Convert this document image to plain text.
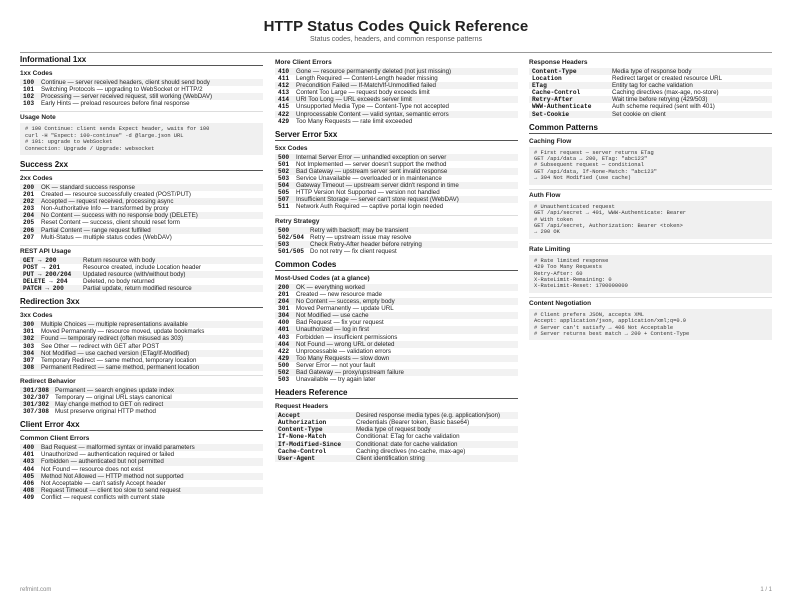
HTTP Status Codes Quick Reference
Status codes, headers, and common response patterns
Informational 1xx
1xx Codes
100	Continue — server received headers, client should send body
101	Switching Protocols — upgrading to WebSocket or HTTP/2
102	Processing — server received request, still working (WebDAV)
103	Early Hints — preload resources before final response
Usage Note
# 100 Continue: client sends Expect header, waits for 100
curl -H "Expect: 100-continue" -d @large.json URL
# 101: upgrade to WebSocket
Connection: Upgrade / Upgrade: websocket
Success 2xx
2xx Codes
200	OK — standard success response
201	Created — resource successfully created (POST/PUT)
202	Accepted — request received, processing async
203	Non-Authoritative Info — transformed by proxy
204	No Content — success with no response body (DELETE)
205	Reset Content — success, client should reset form
206	Partial Content — range request fulfilled
207	Multi-Status — multiple status codes (WebDAV)
REST API Usage
GET → 200	Return resource with body
POST → 201	Resource created, include Location header
PUT → 200/204	Updated resource (with/without body)
DELETE → 204	Deleted, no body returned
PATCH → 200	Partial update, return modified resource
Redirection 3xx
3xx Codes
300	Multiple Choices — multiple representations available
301	Moved Permanently — resource moved, update bookmarks
302	Found — temporary redirect (often misused as 303)
303	See Other — redirect with GET after POST
304	Not Modified — use cached version (ETag/If-Modified)
307	Temporary Redirect — same method, temporary location
308	Permanent Redirect — same method, permanent location
Redirect Behavior
301/308	Permanent — search engines update index
302/307	Temporary — original URL stays canonical
301/302	May change method to GET on redirect
307/308	Must preserve original HTTP method
Client Error 4xx
Common Client Errors
400	Bad Request — malformed syntax or invalid parameters
401	Unauthorized — authentication required or failed
403	Forbidden — authenticated but not permitted
404	Not Found — resource does not exist
405	Method Not Allowed — HTTP method not supported
406	Not Acceptable — can't satisfy Accept header
408	Request Timeout — client too slow to send request
409	Conflict — request conflicts with current state
More Client Errors
410	Gone — resource permanently deleted (not just missing)
411	Length Required — Content-Length header missing
412	Precondition Failed — If-Match/If-Unmodified failed
413	Content Too Large — request body exceeds limit
414	URI Too Long — URL exceeds server limit
415	Unsupported Media Type — Content-Type not accepted
422	Unprocessable Content — valid syntax, semantic errors
429	Too Many Requests — rate limit exceeded
Server Error 5xx
5xx Codes
500	Internal Server Error — unhandled exception on server
501	Not Implemented — server doesn't support the method
502	Bad Gateway — upstream server sent invalid response
503	Service Unavailable — overloaded or in maintenance
504	Gateway Timeout — upstream server didn't respond in time
505	HTTP Version Not Supported — version not handled
507	Insufficient Storage — server can't store request (WebDAV)
511	Network Auth Required — captive portal login needed
Retry Strategy
500	Retry with backoff; may be transient
502/504	Retry — upstream issue may resolve
503	Check Retry-After header before retrying
501/505	Do not retry — fix client request
Common Codes
Most-Used Codes (at a glance)
200	OK — everything worked
201	Created — new resource made
204	No Content — success, empty body
301	Moved Permanently — update URL
304	Not Modified — use cache
400	Bad Request — fix your request
401	Unauthorized — log in first
403	Forbidden — insufficient permissions
404	Not Found — wrong URL or deleted
422	Unprocessable — validation errors
429	Too Many Requests — slow down
500	Server Error — not your fault
502	Bad Gateway — proxy/upstream failure
503	Unavailable — try again later
Headers Reference
Request Headers
Accept	Desired response media types (e.g. application/json)
Authorization	Credentials (Bearer token, Basic base64)
Content-Type	Media type of request body
If-None-Match	Conditional: ETag for cache validation
If-Modified-Since	Conditional: date for cache validation
Cache-Control	Caching directives (no-cache, max-age)
User-Agent	Client identification string
Response Headers
Content-Type	Media type of response body
Location	Redirect target or created resource URL
ETag	Entity tag for cache validation
Cache-Control	Caching directives (max-age, no-store)
Retry-After	Wait time before retrying (429/503)
WWW-Authenticate	Auth scheme required (sent with 401)
Set-Cookie	Set cookie on client
Common Patterns
Caching Flow
# First request — server returns ETag
GET /api/data → 200, ETag: "abc123"
# Subsequent request — conditional
GET /api/data, If-None-Match: "abc123"
→ 304 Not Modified (use cache)
Auth Flow
# Unauthenticated request
GET /api/secret → 401, WWW-Authenticate: Bearer
# With token
GET /api/secret, Authorization: Bearer <token>
→ 200 OK
Rate Limiting
# Rate limited response
429 Too Many Requests
Retry-After: 60
X-RateLimit-Remaining: 0
X-RateLimit-Reset: 1700000000
Content Negotiation
# Client prefers JSON, accepts XML
Accept: application/json, application/xml;q=0.9
# Server can't satisfy → 406 Not Acceptable
# Server returns best match → 200 + Content-Type
refmint.com	1 / 1
